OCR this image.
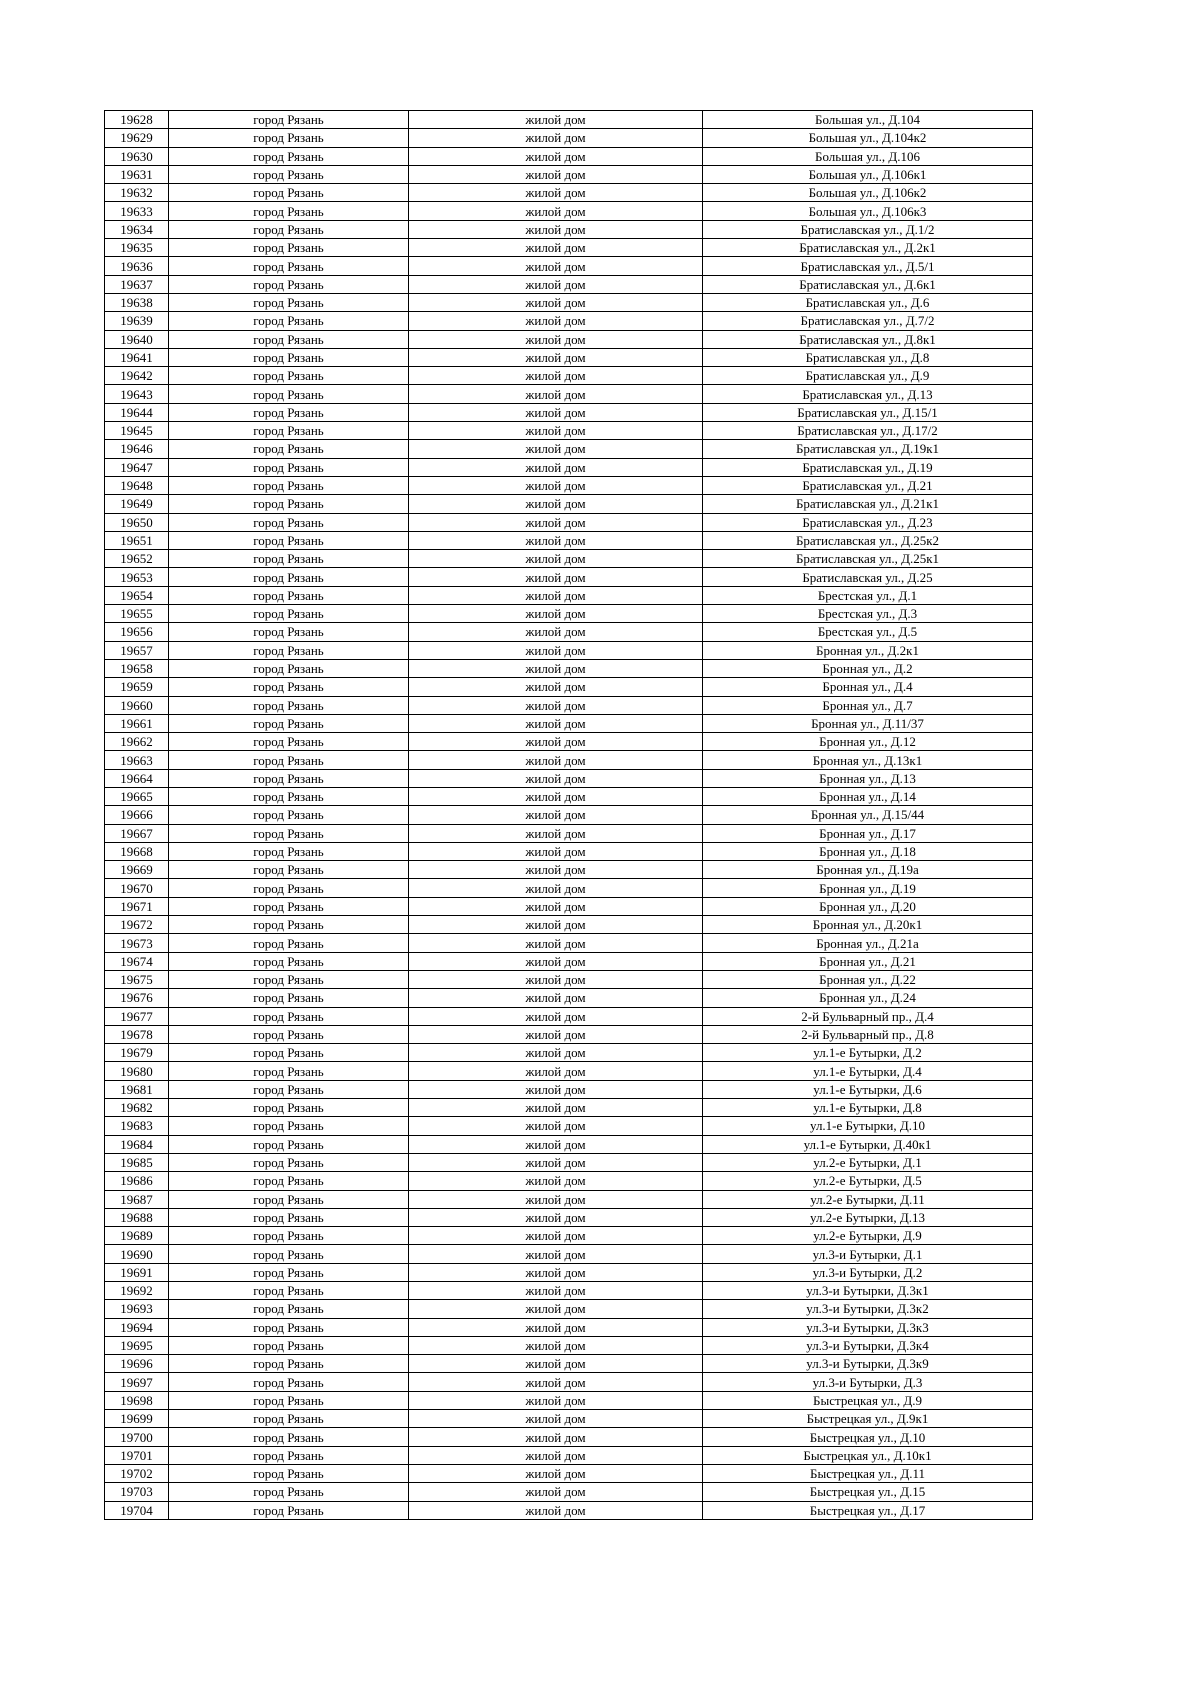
19628	город Рязань	жилой дом	Большая ул., Д.104
19629	город Рязань	жилой дом	Большая ул., Д.104к2
19630	город Рязань	жилой дом	Большая ул., Д.106
19631	город Рязань	жилой дом	Большая ул., Д.106к1
19632	город Рязань	жилой дом	Большая ул., Д.106к2
19633	город Рязань	жилой дом	Большая ул., Д.106к3
19634	город Рязань	жилой дом	Братиславская ул., Д.1/2
19635	город Рязань	жилой дом	Братиславская ул., Д.2к1
19636	город Рязань	жилой дом	Братиславская ул., Д.5/1
19637	город Рязань	жилой дом	Братиславская ул., Д.6к1
19638	город Рязань	жилой дом	Братиславская ул., Д.6
19639	город Рязань	жилой дом	Братиславская ул., Д.7/2
19640	город Рязань	жилой дом	Братиславская ул., Д.8к1
19641	город Рязань	жилой дом	Братиславская ул., Д.8
19642	город Рязань	жилой дом	Братиславская ул., Д.9
19643	город Рязань	жилой дом	Братиславская ул., Д.13
19644	город Рязань	жилой дом	Братиславская ул., Д.15/1
19645	город Рязань	жилой дом	Братиславская ул., Д.17/2
19646	город Рязань	жилой дом	Братиславская ул., Д.19к1
19647	город Рязань	жилой дом	Братиславская ул., Д.19
19648	город Рязань	жилой дом	Братиславская ул., Д.21
19649	город Рязань	жилой дом	Братиславская ул., Д.21к1
19650	город Рязань	жилой дом	Братиславская ул., Д.23
19651	город Рязань	жилой дом	Братиславская ул., Д.25к2
19652	город Рязань	жилой дом	Братиславская ул., Д.25к1
19653	город Рязань	жилой дом	Братиславская ул., Д.25
19654	город Рязань	жилой дом	Брестская ул., Д.1
19655	город Рязань	жилой дом	Брестская ул., Д.3
19656	город Рязань	жилой дом	Брестская ул., Д.5
19657	город Рязань	жилой дом	Бронная ул., Д.2к1
19658	город Рязань	жилой дом	Бронная ул., Д.2
19659	город Рязань	жилой дом	Бронная ул., Д.4
19660	город Рязань	жилой дом	Бронная ул., Д.7
19661	город Рязань	жилой дом	Бронная ул., Д.11/37
19662	город Рязань	жилой дом	Бронная ул., Д.12
19663	город Рязань	жилой дом	Бронная ул., Д.13к1
19664	город Рязань	жилой дом	Бронная ул., Д.13
19665	город Рязань	жилой дом	Бронная ул., Д.14
19666	город Рязань	жилой дом	Бронная ул., Д.15/44
19667	город Рязань	жилой дом	Бронная ул., Д.17
19668	город Рязань	жилой дом	Бронная ул., Д.18
19669	город Рязань	жилой дом	Бронная ул., Д.19а
19670	город Рязань	жилой дом	Бронная ул., Д.19
19671	город Рязань	жилой дом	Бронная ул., Д.20
19672	город Рязань	жилой дом	Бронная ул., Д.20к1
19673	город Рязань	жилой дом	Бронная ул., Д.21а
19674	город Рязань	жилой дом	Бронная ул., Д.21
19675	город Рязань	жилой дом	Бронная ул., Д.22
19676	город Рязань	жилой дом	Бронная ул., Д.24
19677	город Рязань	жилой дом	2-й Бульварный пр., Д.4
19678	город Рязань	жилой дом	2-й Бульварный пр., Д.8
19679	город Рязань	жилой дом	ул.1-е Бутырки, Д.2
19680	город Рязань	жилой дом	ул.1-е Бутырки, Д.4
19681	город Рязань	жилой дом	ул.1-е Бутырки, Д.6
19682	город Рязань	жилой дом	ул.1-е Бутырки, Д.8
19683	город Рязань	жилой дом	ул.1-е Бутырки, Д.10
19684	город Рязань	жилой дом	ул.1-е Бутырки, Д.40к1
19685	город Рязань	жилой дом	ул.2-е Бутырки, Д.1
19686	город Рязань	жилой дом	ул.2-е Бутырки, Д.5
19687	город Рязань	жилой дом	ул.2-е Бутырки, Д.11
19688	город Рязань	жилой дом	ул.2-е Бутырки, Д.13
19689	город Рязань	жилой дом	ул.2-е Бутырки, Д.9
19690	город Рязань	жилой дом	ул.3-и Бутырки, Д.1
19691	город Рязань	жилой дом	ул.3-и Бутырки, Д.2
19692	город Рязань	жилой дом	ул.3-и Бутырки, Д.3к1
19693	город Рязань	жилой дом	ул.3-и Бутырки, Д.3к2
19694	город Рязань	жилой дом	ул.3-и Бутырки, Д.3к3
19695	город Рязань	жилой дом	ул.3-и Бутырки, Д.3к4
19696	город Рязань	жилой дом	ул.3-и Бутырки, Д.3к9
19697	город Рязань	жилой дом	ул.3-и Бутырки, Д.3
19698	город Рязань	жилой дом	Быстрецкая ул., Д.9
19699	город Рязань	жилой дом	Быстрецкая ул., Д.9к1
19700	город Рязань	жилой дом	Быстрецкая ул., Д.10
19701	город Рязань	жилой дом	Быстрецкая ул., Д.10к1
19702	город Рязань	жилой дом	Быстрецкая ул., Д.11
19703	город Рязань	жилой дом	Быстрецкая ул., Д.15
19704	город Рязань	жилой дом	Быстрецкая ул., Д.17
